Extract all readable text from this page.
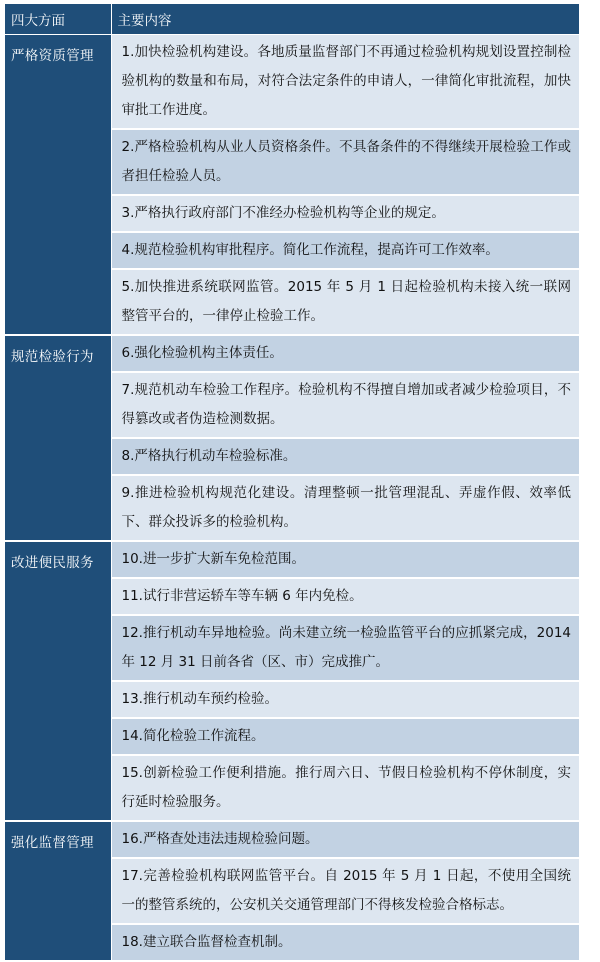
四大方面	主要内容
严格资质管理	1.加快检验机构建设。各地质量监督部门不再通过检验机构规划设置控制检验机构的数量和布局，对符合法定条件的申请人，一律简化审批流程，加快审批工作进度。
	2.严格检验机构从业人员资格条件。不具备条件的不得继续开展检验工作或者担任检验人员。
	3.严格执行政府部门不准经办检验机构等企业的规定。
	4.规范检验机构审批程序。简化工作流程，提高许可工作效率。
	5.加快推进系统联网监管。2015 年 5 月 1 日起检验机构未接入统一联网整管平台的，一律停止检验工作。
规范检验行为	6.强化检验机构主体责任。
	7.规范机动车检验工作程序。检验机构不得擅自增加或者减少检验项目，不得篡改或者伪造检测数据。
	8.严格执行机动车检验标准。
	9.推进检验机构规范化建设。清理整顿一批管理混乱、弄虚作假、效率低下、群众投诉多的检验机构。
改进便民服务	10.进一步扩大新车免检范围。
	11.试行非营运轿车等车辆 6 年内免检。
	12.推行机动车异地检验。尚未建立统一检验监管平台的应抓紧完成，2014 年 12 月 31 日前各省（区、市）完成推广。
	13.推行机动车预约检验。
	14.简化检验工作流程。
	15.创新检验工作便利措施。推行周六日、节假日检验机构不停休制度，实行延时检验服务。
强化监督管理	16.严格查处违法违规检验问题。
	17.完善检验机构联网监管平台。自 2015 年 5 月 1 日起，不使用全国统一的整管系统的，公安机关交通管理部门不得核发检验合格标志。
	18.建立联合监督检查机制。
